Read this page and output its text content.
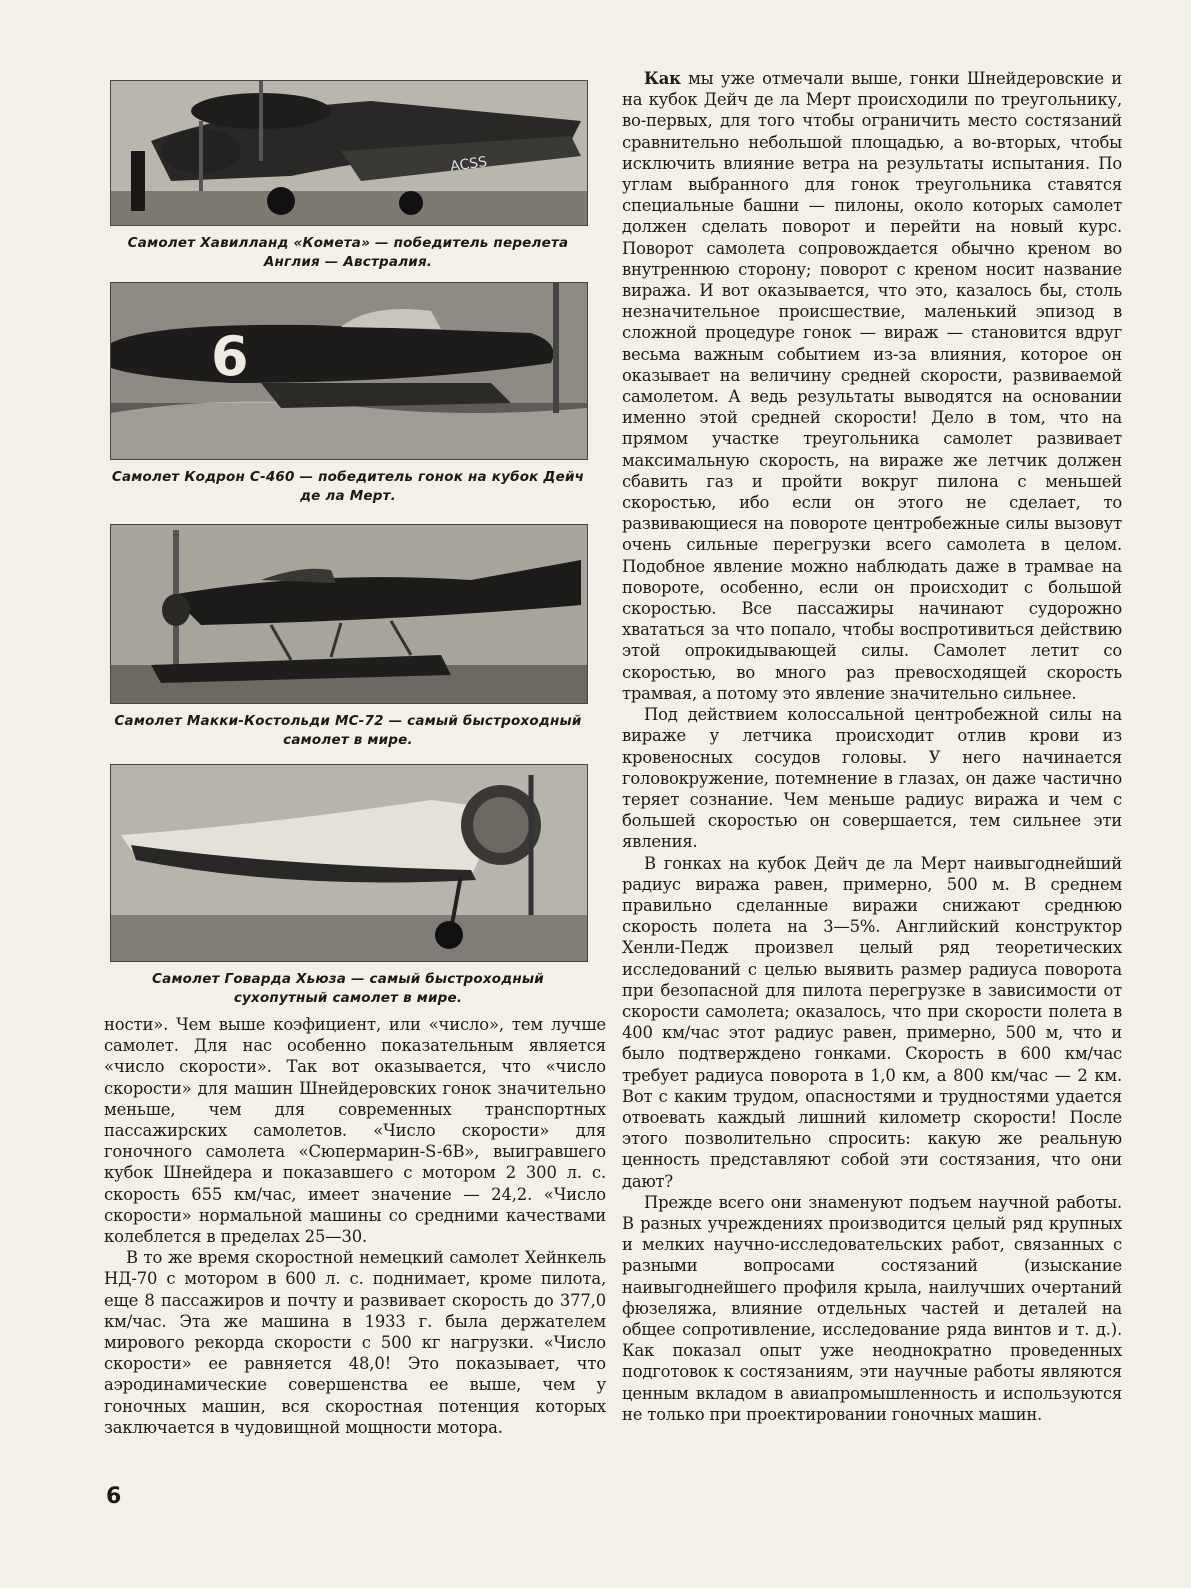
ACSS

Самолет Хавилланд «Комета» — победитель перелета Англия — Австралия.

6

Самолет Кодрон С-460 — победитель гонок на кубок Дейч де ла Мерт.

Самолет Макки-Костольди МС-72 — самый быстроходный самолет в мире.

Самолет Говарда Хьюза — самый быстроходный сухопутный самолет в мире.

ности». Чем выше коэфициент, или «число», тем лучше самолет. Для нас особенно показательным является «число скорости». Так вот оказывается, что «число скорости» для машин Шнейдеровских гонок значительно меньше, чем для современных транспортных пассажирских самолетов. «Число скорости» для гоночного самолета «Сюпермарин-S-6B», выигравшего кубок Шнейдера и показавшего с мотором 2 300 л. с. скорость 655 км/час, имеет значение — 24,2. «Число скорости» нормальной машины со средними качествами колеблется в пределах 25—30.

В то же время скоростной немецкий самолет Хейнкель НД-70 с мотором в 600 л. с. поднимает, кроме пилота, еще 8 пассажиров и почту и развивает скорость до 377,0 км/час. Эта же машина в 1933 г. была держателем мирового рекорда скорости с 500 кг нагрузки. «Число скорости» ее равняется 48,0! Это показывает, что аэродинамические совершенства ее выше, чем у гоночных машин, вся скоростная потенция которых заключается в чудовищной мощности мотора.

Как мы уже отмечали выше, гонки Шнейдеровские и на кубок Дейч де ла Мерт происходили по треугольнику, во-первых, для того чтобы ограничить место состязаний сравнительно небольшой площадью, а во-вторых, чтобы исключить влияние ветра на результаты испытания. По углам выбранного для гонок треугольника ставятся специальные башни — пилоны, около которых самолет должен сделать поворот и перейти на новый курс. Поворот самолета сопровождается обычно креном во внутреннюю сторону; поворот с креном носит название виража. И вот оказывается, что это, казалось бы, столь незначительное происшествие, маленький эпизод в сложной процедуре гонок — вираж — становится вдруг весьма важным событием из-за влияния, которое он оказывает на величину средней скорости, развиваемой самолетом. А ведь результаты выводятся на основании именно этой средней скорости! Дело в том, что на прямом участке треугольника самолет развивает максимальную скорость, на вираже же летчик должен сбавить газ и пройти вокруг пилона с меньшей скоростью, ибо если он этого не сделает, то развивающиеся на повороте центробежные силы вызовут очень сильные перегрузки всего самолета в целом. Подобное явление можно наблюдать даже в трамвае на повороте, особенно, если он происходит с большой скоростью. Все пассажиры начинают судорожно хвататься за что попало, чтобы воспротивиться действию этой опрокидывающей силы. Самолет летит со скоростью, во много раз превосходящей скорость трамвая, а потому это явление значительно сильнее.

Под действием колоссальной центробежной силы на вираже у летчика происходит отлив крови из кровеносных сосудов головы. У него начинается головокружение, потемнение в глазах, он даже частично теряет сознание. Чем меньше радиус виража и чем с большей скоростью он совершается, тем сильнее эти явления.

В гонках на кубок Дейч де ла Мерт наивыгоднейший радиус виража равен, примерно, 500 м. В среднем правильно сделанные виражи снижают среднюю скорость полета на 3—5%. Английский конструктор Хенли-Педж произвел целый ряд теоретических исследований с целью выявить размер радиуса поворота при безопасной для пилота перегрузке в зависимости от скорости самолета; оказалось, что при скорости полета в 400 км/час этот радиус равен, примерно, 500 м, что и было подтверждено гонками. Скорость в 600 км/час требует радиуса поворота в 1,0 км, а 800 км/час — 2 км. Вот с каким трудом, опасностями и трудностями удается отвоевать каждый лишний километр скорости! После этого позволительно спросить: какую же реальную ценность представляют собой эти состязания, что они дают?

Прежде всего они знаменуют подъем научной работы. В разных учреждениях производится целый ряд крупных и мелких научно-исследовательских работ, связанных с разными вопросами состязаний (изыскание наивыгоднейшего профиля крыла, наилучших очертаний фюзеляжа, влияние отдельных частей и деталей на общее сопротивление, исследование ряда винтов и т. д.). Как показал опыт уже неоднократно проведенных подготовок к состязаниям, эти научные работы являются ценным вкладом в авиапромышленность и используются не только при проектировании гоночных машин.

6
